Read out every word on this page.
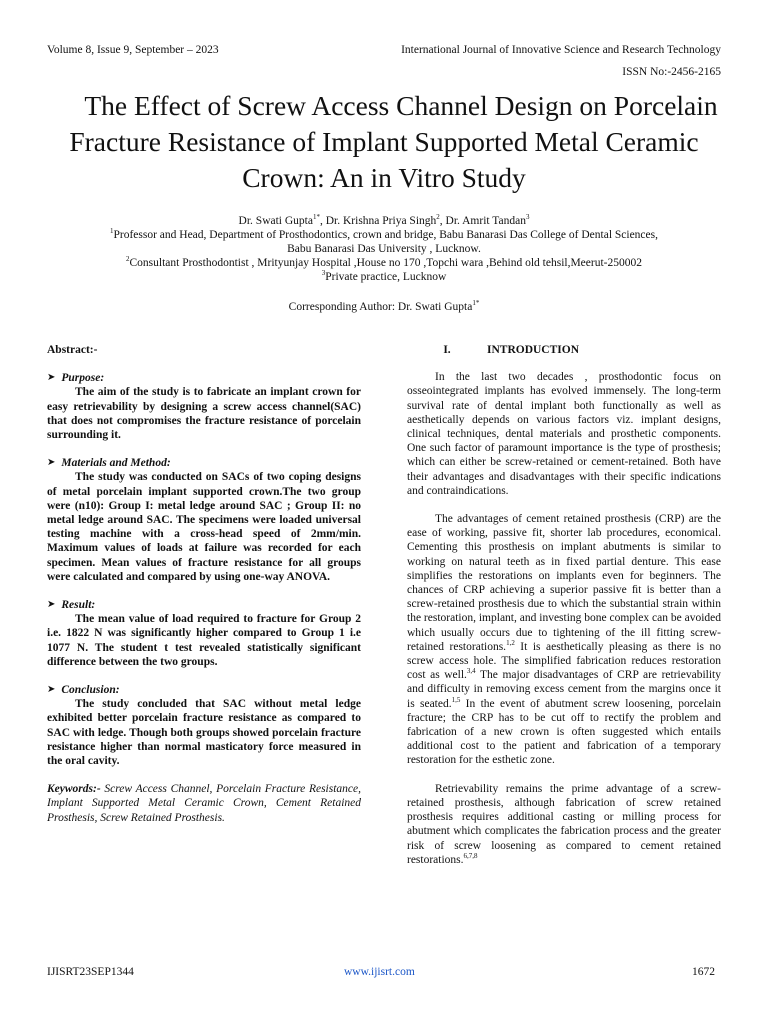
Volume 8, Issue 9, September – 2023	International Journal of Innovative Science and Research Technology
ISSN No:-2456-2165
The Effect of Screw Access Channel Design on Porcelain Fracture Resistance of Implant Supported Metal Ceramic Crown: An in Vitro Study

Dr. Swati Gupta$^{1*}$, Dr. Krishna Priya Singh$^2$, Dr. Amrit Tandan$^3$

$^1$Professor and Head, Department of Prosthodontics, crown and bridge, Babu Banarasi Das College of Dental Sciences,

Babu Banarasi Das University , Lucknow.

$^2$Consultant Prosthodontist , Mrityunjay Hospital ,House no 170 ,Topchi wara ,Behind old tehsil,Meerut-250002

$^3$Private practice, Lucknow

Corresponding Author: Dr. Swati Gupta$^{1*}$

Abstract:-

➤ Purpose:

The aim of the study is to fabricate an implant crown for easy retrievability by designing a screw access channel(SAC) that does not compromises the fracture resistance of porcelain surrounding it.

➤ Materials and Method:

The study was conducted on SACs of two coping designs of metal porcelain implant supported crown.The two group were (n10): Group I: metal ledge around SAC ; Group II: no metal ledge around SAC. The specimens were loaded universal testing machine with a cross-head speed of 2mm/min. Maximum values of loads at failure was recorded for each specimen. Mean values of fracture resistance for all groups were calculated and compared by using one-way ANOVA.

➤ Result:

The mean value of load required to fracture for Group 2 i.e. 1822 N was significantly higher compared to Group 1 i.e 1077 N. The student t test revealed statistically significant difference between the two groups.

➤ Conclusion:

The study concluded that SAC without metal ledge exhibited better porcelain fracture resistance as compared to SAC with ledge. Though both groups showed porcelain fracture resistance higher than normal masticatory force measured in the oral cavity.

Keywords:- Screw Access Channel, Porcelain Fracture Resistance, Implant Supported Metal Ceramic Crown, Cement Retained Prosthesis, Screw Retained Prosthesis.

I.	INTRODUCTION

In the last two decades , prosthodontic focus on osseointegrated implants has evolved immensely. The long-term survival rate of dental implant both functionally as well as aesthetically depends on various factors viz. implant designs, clinical techniques, dental materials and prosthetic components. One such factor of paramount importance is the type of prosthesis; which can either be screw-retained or cement-retained. Both have their advantages and disadvantages with their specific indications and contraindications.

The advantages of cement retained prosthesis (CRP) are the ease of working, passive fit, shorter lab procedures, economical. Cementing this prosthesis on implant abutments is similar to working on natural teeth as in fixed partial denture. This ease simplifies the restorations on implants even for beginners. The chances of CRP achieving a superior passive ﬁt is better than a screw-retained prosthesis due to which the substantial strain within the restoration, implant, and investing bone complex can be avoided which usually occurs due to tightening of the ill fitting screw-retained restorations.$^{1,2}$ It is aesthetically pleasing as there is no screw access hole. The simplified fabrication reduces restoration cost as well.$^{3,4}$ The major disadvantages of CRP are retrievability and difficulty in removing excess cement from the margins once it is seated.$^{1,5}$ In the event of abutment screw loosening, porcelain fracture; the CRP has to be cut off to rectify the problem and fabrication of a new crown is often suggested which entails additional cost to the patient and fabrication of a temporary restoration for the esthetic zone.

Retrievability remains the prime advantage of a screw-retained prosthesis, although fabrication of screw retained prosthesis requires additional casting or milling process for abutment which complicates the fabrication process and the greater risk of screw loosening as compared to cement retained restorations.$^{6,7,8}$

IJISRT23SEP1344	www.ijisrt.com	1672
